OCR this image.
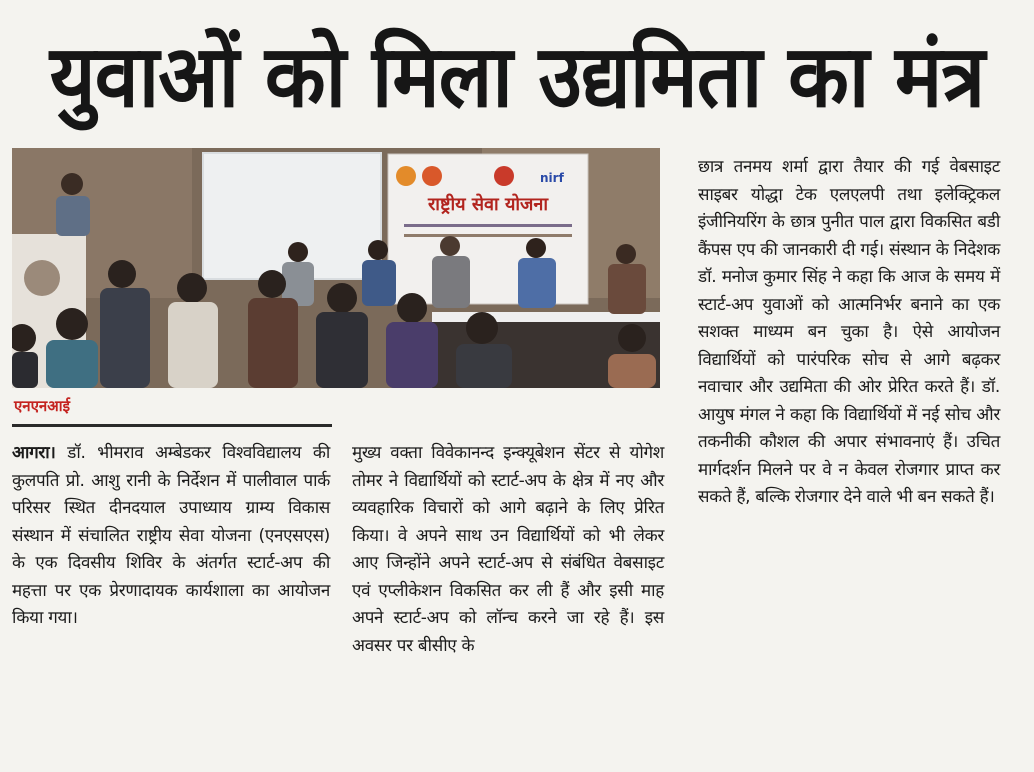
युवाओं को मिला उद्यमिता का मंत्र
nirf
राष्ट्रीय सेवा योजना
एनएनआई

आगरा। डॉ. भीमराव अम्बेडकर विश्वविद्यालय की कुलपति प्रो. आशु रानी के निर्देशन में पालीवाल पार्क परिसर स्थित दीनदयाल उपाध्याय ग्राम्य विकास संस्थान में संचालित राष्ट्रीय सेवा योजना (एनएसएस) के एक दिवसीय शिविर के अंतर्गत स्टार्ट-अप की महत्ता पर एक प्रेरणादायक कार्यशाला का आयोजन किया गया।

मुख्य वक्ता विवेकानन्द इन्क्यूबेशन सेंटर से योगेश तोमर ने विद्यार्थियों को स्टार्ट-अप के क्षेत्र में नए और व्यवहारिक विचारों को आगे बढ़ाने के लिए प्रेरित किया। वे अपने साथ उन विद्यार्थियों को भी लेकर आए जिन्होंने अपने स्टार्ट-अप से संबंधित वेबसाइट एवं एप्लीकेशन विकसित कर ली हैं और इसी माह अपने स्टार्ट-अप को लॉन्च करने जा रहे हैं। इस अवसर पर बीसीए के

छात्र तनमय शर्मा द्वारा तैयार की गई वेबसाइट साइबर योद्धा टेक एलएलपी तथा इलेक्ट्रिकल इंजीनियरिंग के छात्र पुनीत पाल द्वारा विकसित बडी कैंपस एप की जानकारी दी गई। संस्थान के निदेशक डॉ. मनोज कुमार सिंह ने कहा कि आज के समय में स्टार्ट-अप युवाओं को आत्मनिर्भर बनाने का एक सशक्त माध्यम बन चुका है। ऐसे आयोजन विद्यार्थियों को पारंपरिक सोच से आगे बढ़कर नवाचार और उद्यमिता की ओर प्रेरित करते हैं। डॉ. आयुष मंगल ने कहा कि विद्यार्थियों में नई सोच और तकनीकी कौशल की अपार संभावनाएं हैं। उचित मार्गदर्शन मिलने पर वे न केवल रोजगार प्राप्त कर सकते हैं, बल्कि रोजगार देने वाले भी बन सकते हैं।
